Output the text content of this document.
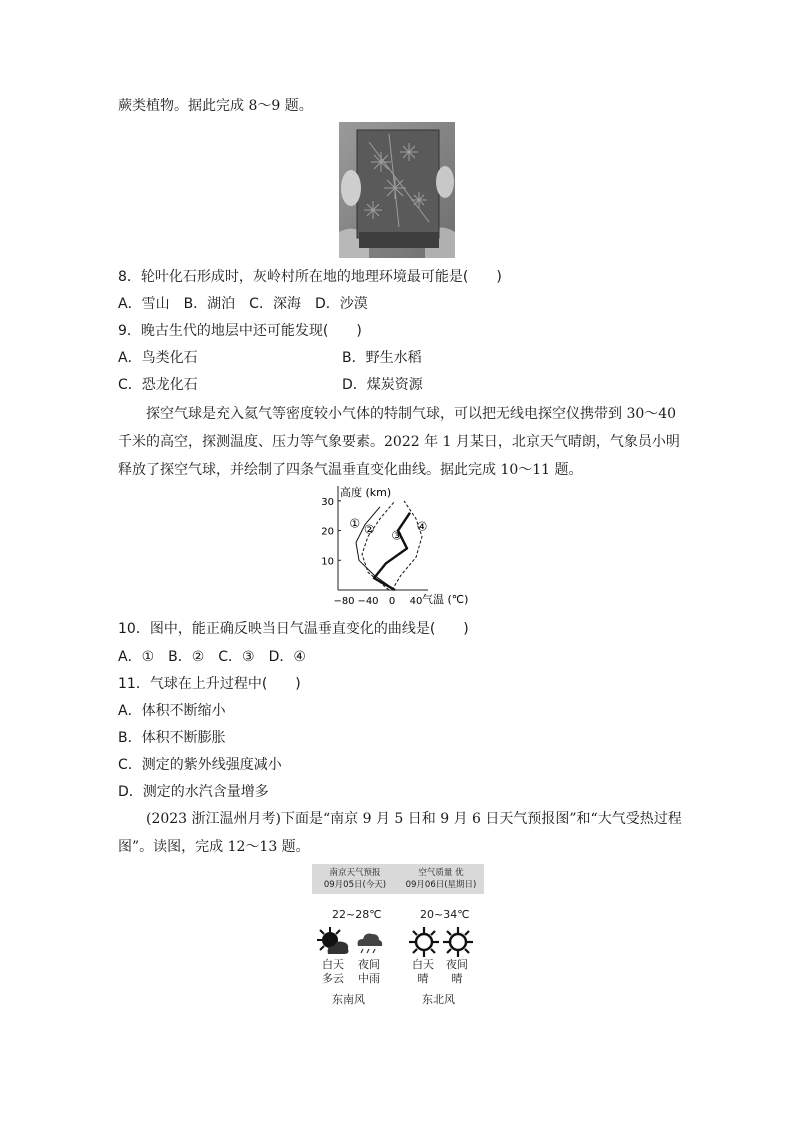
蕨类植物。据此完成 8～9 题。
8．轮叶化石形成时，灰岭村所在地的地理环境最可能是(　　)
A．雪山　B．湖泊　C．深海　D．沙漠
9．晚古生代的地层中还可能发现(　　)
A．鸟类化石	B．野生水稻
C．恐龙化石	D．煤炭资源
探空气球是充入氦气等密度较小气体的特制气球，可以把无线电探空仪携带到 30～40 千米的高空，探测温度、压力等气象要素。2022 年 1 月某日，北京天气晴朗，气象员小明释放了探空气球，并绘制了四条气温垂直变化曲线。据此完成 10～11 题。
高度 (km)
气温 (℃)
−80 −40 0 40
10
20
30
① ② ③
④
10．图中，能正确反映当日气温垂直变化的曲线是(　　)
A．①　B．②　C．③　D．④
11．气球在上升过程中(　　)
A．体积不断缩小
B．体积不断膨胀
C．测定的紫外线强度减小
D．测定的水汽含量增多
(2023 浙江温州月考)下面是“南京 9 月 5 日和 9 月 6 日天气预报图”和“大气受热过程图”。读图，完成 12～13 题。
南京天气预报
09月05日(今天)
空气质量 优
09月06日(星期日)
22~28℃	20~34℃
白天
多云
夜间
中雨
白天
晴
夜间
晴
东南风	东北风
